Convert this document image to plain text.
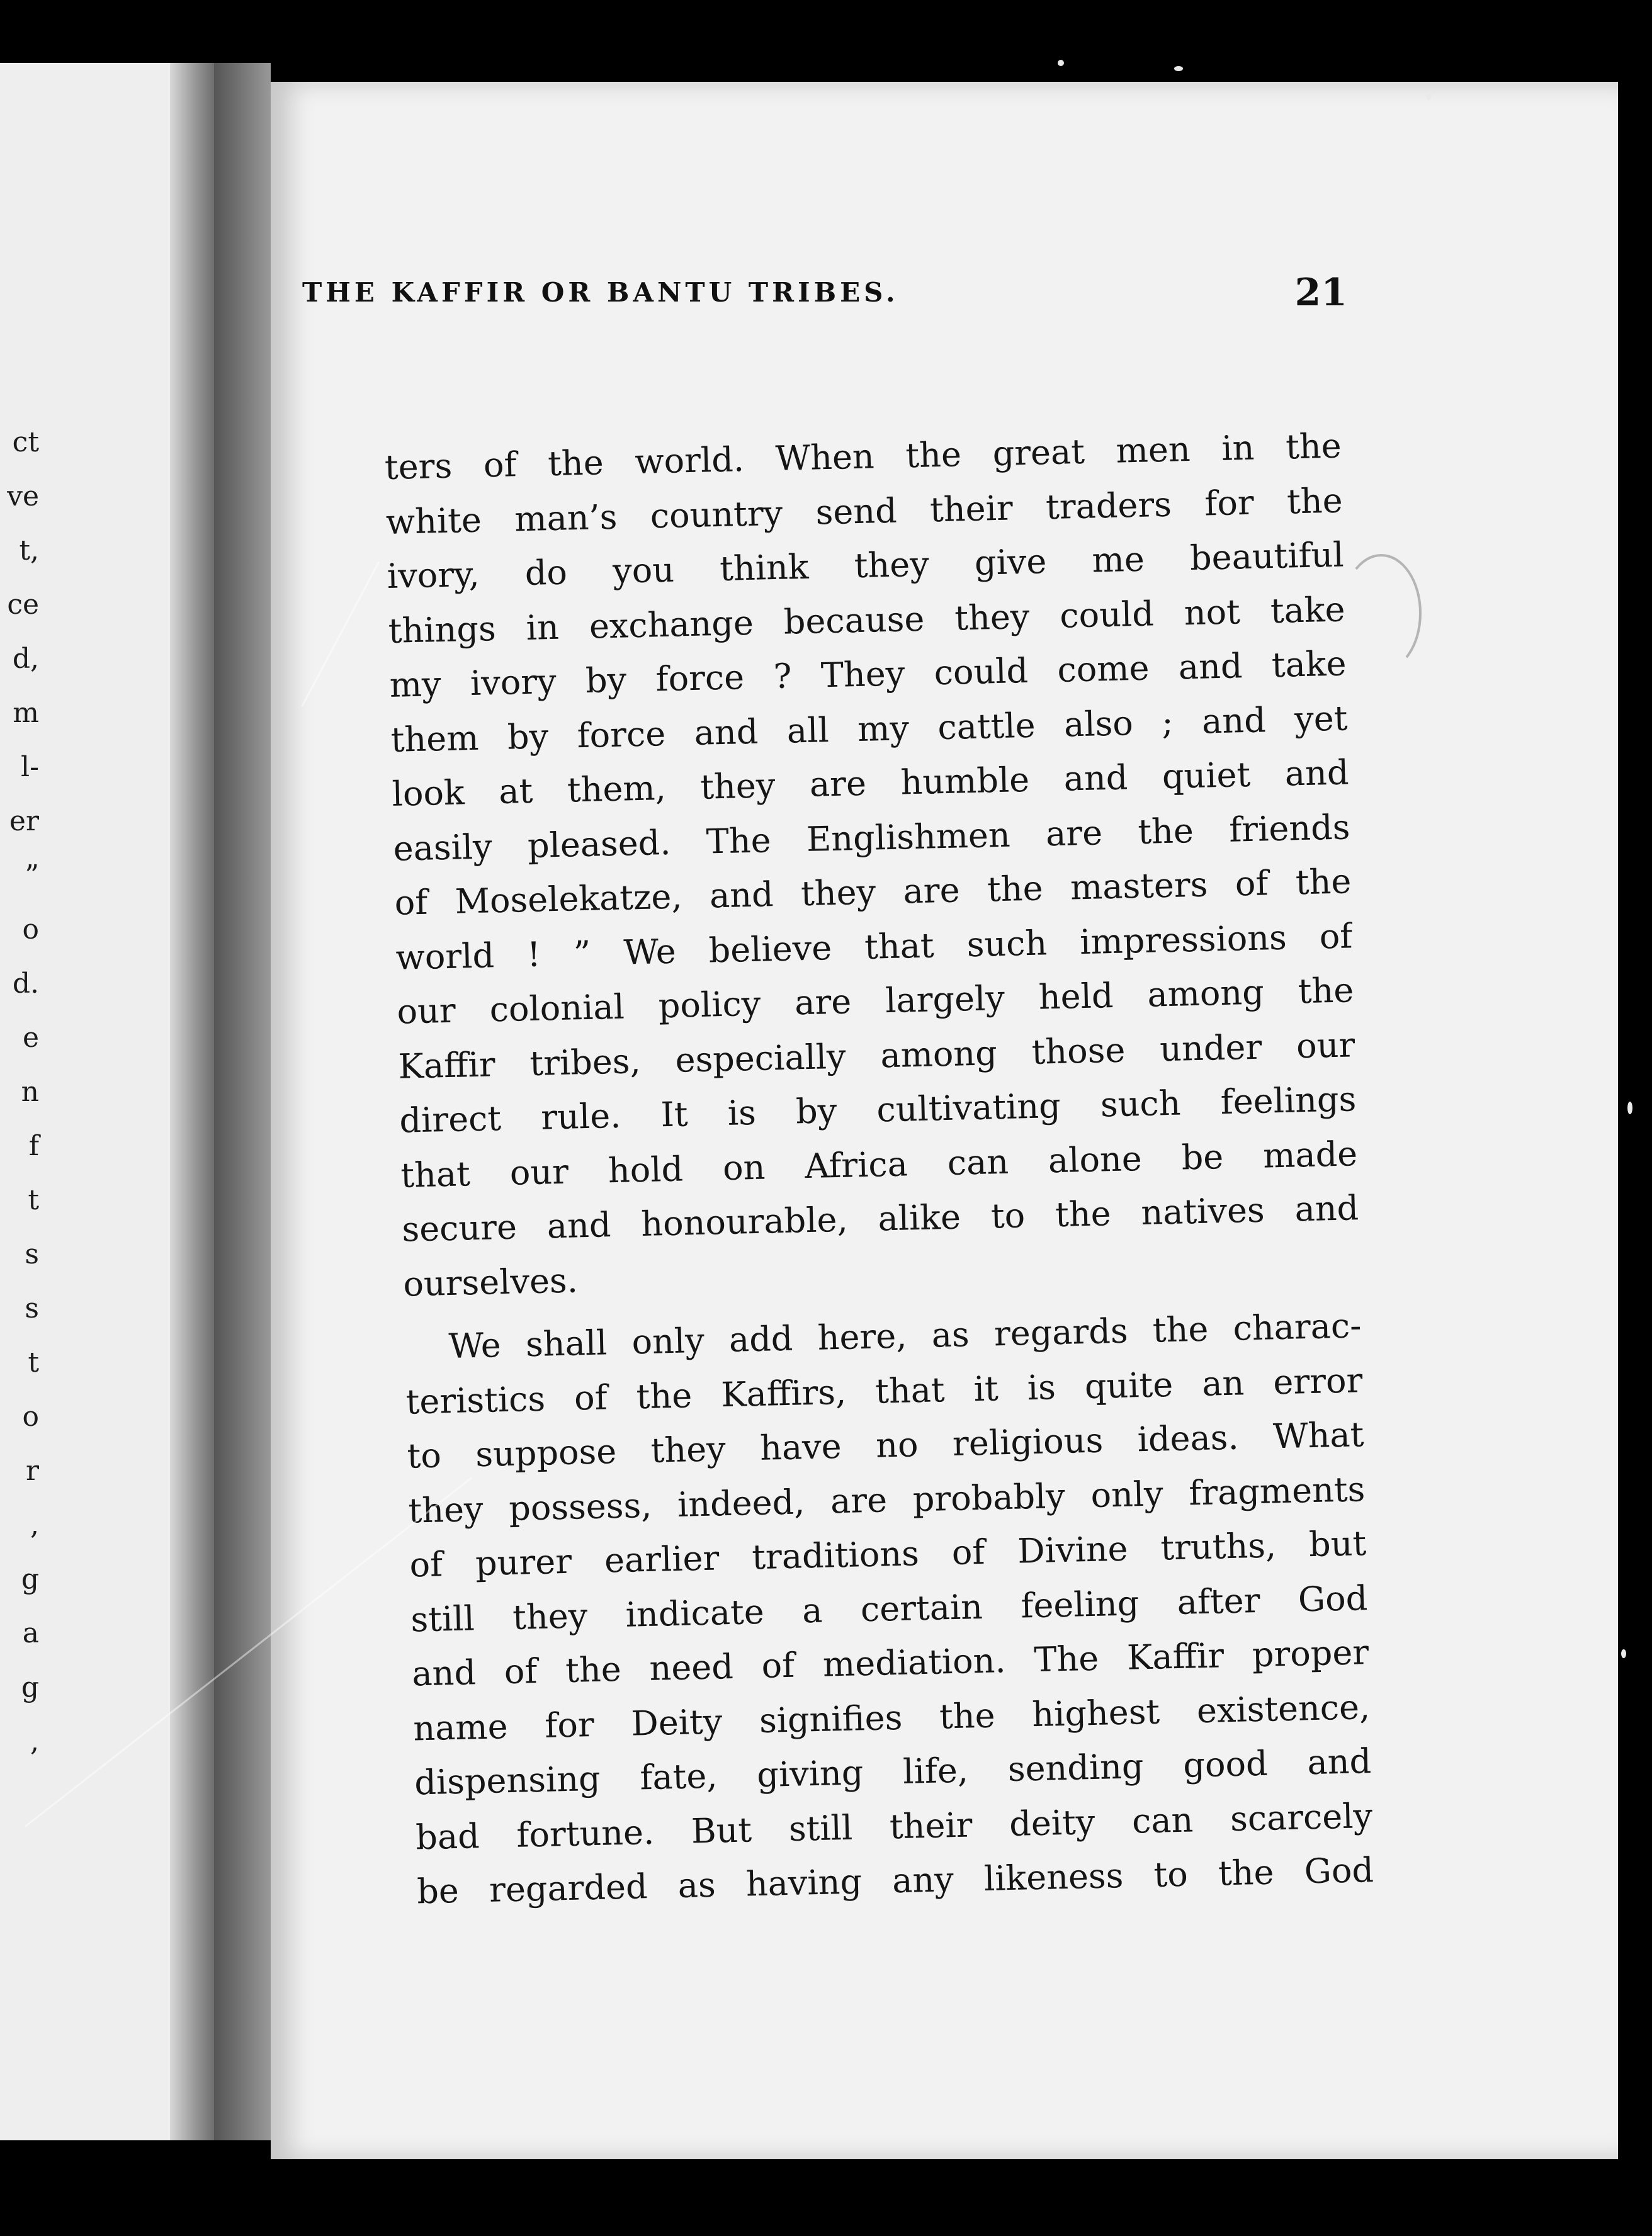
ct
ve
t,
ce
d,
m
l-
er
”
o
d.
e
n
f
t
s
s
t
o
r
,
g
a
g
,
THE KAFFIR OR BANTU TRIBES.	21
ters of the world. When the great men in the
white man’s country send their traders for the
ivory, do you think they give me beautiful
things in exchange because they could not take
my ivory by force ? They could come and take
them by force and all my cattle also ; and yet
look at them, they are humble and quiet and
easily pleased. The Englishmen are the friends
of Moselekatze, and they are the masters of the
world ! ” We believe that such impressions of
our colonial policy are largely held among the
Kaffir tribes, especially among those under our
direct rule. It is by cultivating such feelings
that our hold on Africa can alone be made
secure and honourable, alike to the natives and
ourselves.
We shall only add here, as regards the charac-
teristics of the Kaffirs, that it is quite an error
to suppose they have no religious ideas. What
they possess, indeed, are probably only fragments
of purer earlier traditions of Divine truths, but
still they indicate a certain feeling after God
and of the need of mediation. The Kaffir proper
name for Deity signifies the highest existence,
dispensing fate, giving life, sending good and
bad fortune. But still their deity can scarcely
be regarded as having any likeness to the God
